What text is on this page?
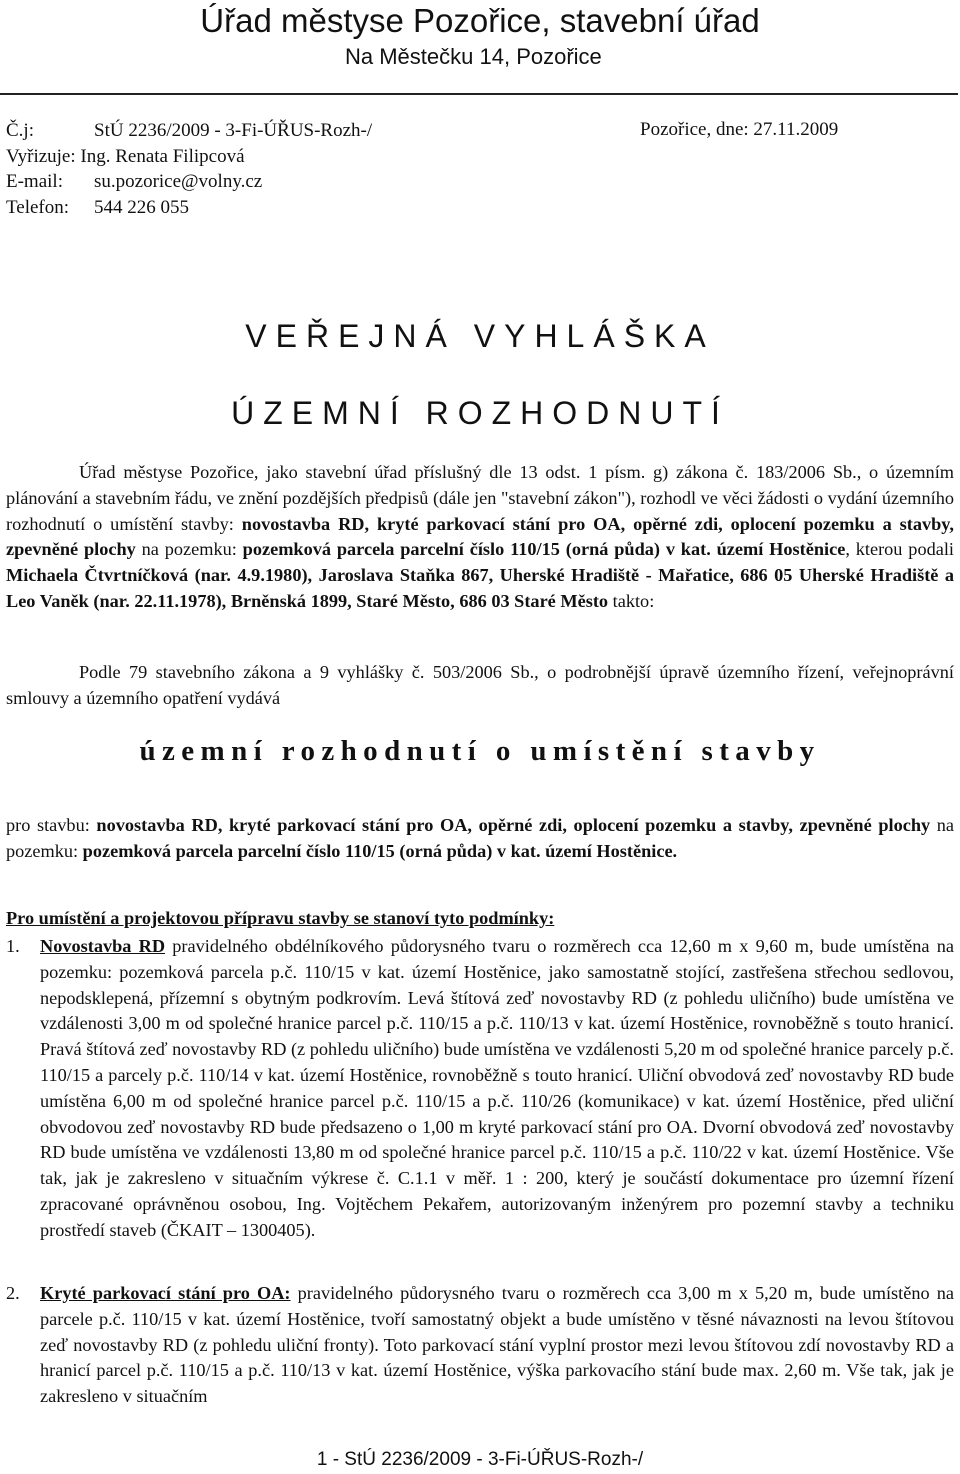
Úřad městyse Pozořice, stavební úřad
Na Městečku 14, Pozořice
Č.j:	StÚ 2236/2009 - 3-Fi-ÚŘUS-Rozh-/	Pozořice, dne: 27.11.2009
Vyřizuje: Ing. Renata Filipcová
E-mail: su.pozorice@volny.cz
Telefon: 544 226 055
VEŘEJNÁ VYHLÁŠKA
ÚZEMNÍ ROZHODNUTÍ
Úřad městyse Pozořice, jako stavební úřad příslušný dle 13 odst. 1 písm. g) zákona č. 183/2006 Sb., o územním plánování a stavebním řádu, ve znění pozdějších předpisů (dále jen "stavební zákon"), rozhodl ve věci žádosti o vydání územního rozhodnutí o umístění stavby: novostavba RD, kryté parkovací stání pro OA, opěrné zdi, oplocení pozemku a stavby, zpevněné plochy na pozemku: pozemková parcela parcelní číslo 110/15 (orná půda) v kat. území Hostěnice, kterou podali Michaela Čtvrtníčková (nar. 4.9.1980), Jaroslava Staňka 867, Uherské Hradiště - Mařatice, 686 05 Uherské Hradiště a Leo Vaněk (nar. 22.11.1978), Brněnská 1899, Staré Město, 686 03 Staré Město takto:
Podle 79 stavebního zákona a 9 vyhlášky č. 503/2006 Sb., o podrobnější úpravě územního řízení, veřejnoprávní smlouvy a územního opatření vydává
územní rozhodnutí o umístění stavby
pro stavbu: novostavba RD, kryté parkovací stání pro OA, opěrné zdi, oplocení pozemku a stavby, zpevněné plochy na pozemku: pozemková parcela parcelní číslo 110/15 (orná půda) v kat. území Hostěnice.
Pro umístění a projektovou přípravu stavby se stanoví tyto podmínky:
1. Novostavba RD pravidelného obdélníkového půdorysného tvaru o rozměrech cca 12,60 m x 9,60 m, bude umístěna na pozemku: pozemková parcela p.č. 110/15 v kat. území Hostěnice, jako samostatně stojící, zastřešena střechou sedlovou, nepodsklepená, přízemní s obytným podkrovím. Levá štítová zeď novostavby RD (z pohledu uličního) bude umístěna ve vzdálenosti 3,00 m od společné hranice parcel p.č. 110/15 a p.č. 110/13 v kat. území Hostěnice, rovnoběžně s touto hranicí. Pravá štítová zeď novostavby RD (z pohledu uličního) bude umístěna ve vzdálenosti 5,20 m od společné hranice parcely p.č. 110/15 a parcely p.č. 110/14 v kat. území Hostěnice, rovnoběžně s touto hranicí. Uliční obvodová zeď novostavby RD bude umístěna 6,00 m od společné hranice parcel p.č. 110/15 a p.č. 110/26 (komunikace) v kat. území Hostěnice, před uliční obvodovou zeď novostavby RD bude předsazeno o 1,00 m kryté parkovací stání pro OA. Dvorní obvodová zeď novostavby RD bude umístěna ve vzdálenosti 13,80 m od společné hranice parcel p.č. 110/15 a p.č. 110/22 v kat. území Hostěnice. Vše tak, jak je zakresleno v situačním výkrese č. C.1.1 v měř. 1 : 200, který je součástí dokumentace pro územní řízení zpracované oprávněnou osobou, Ing. Vojtěchem Pekařem, autorizovaným inženýrem pro pozemní stavby a techniku prostředí staveb (ČKAIT – 1300405).
2. Kryté parkovací stání pro OA: pravidelného půdorysného tvaru o rozměrech cca 3,00 m x 5,20 m, bude umístěno na parcele p.č. 110/15 v kat. území Hostěnice, tvoří samostatný objekt a bude umístěno v těsné návaznosti na levou štítovou zeď novostavby RD (z pohledu uliční fronty). Toto parkovací stání vyplní prostor mezi levou štítovou zdí novostavby RD a hranicí parcel p.č. 110/15 a p.č. 110/13 v kat. území Hostěnice, výška parkovacího stání bude max. 2,60 m. Vše tak, jak je zakresleno v situačním
1 - StÚ 2236/2009 - 3-Fi-ÚŘUS-Rozh-/
